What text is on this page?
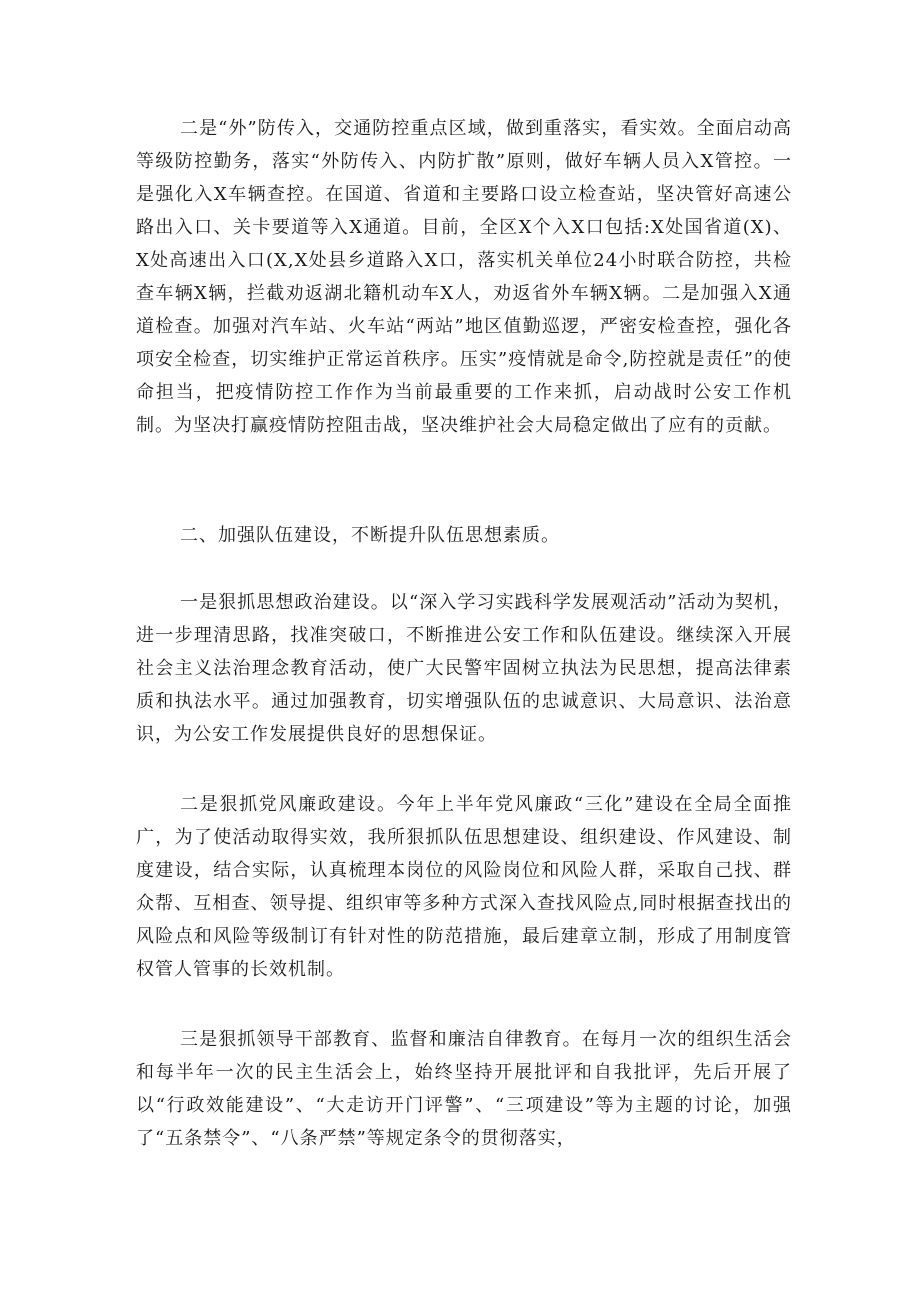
二是“外”防传入，交通防控重点区域，做到重落实，看实效。全面启动高等级防控勤务，落实“外防传入、内防扩散”原则，做好车辆人员入X管控。一是强化入X车辆查控。在国道、省道和主要路口设立检查站，坚决管好高速公路出入口、关卡要道等入X通道。目前，全区X个入X口包括:X处国省道(X)、X处高速出入口(X,X处县乡道路入X口，落实机关单位24小时联合防控，共检查车辆X辆，拦截劝返湖北籍机动车X人，劝返省外车辆X辆。二是加强入X通道检查。加强对汽车站、火车站“两站”地区值勤巡逻，严密安检查控，强化各项安全检查，切实维护正常运首秩序。压实”疫情就是命令,防控就是责任”的使命担当，把疫情防控工作作为当前最重要的工作来抓，启动战时公安工作机制。为坚决打赢疫情防控阻击战，坚决维护社会大局稳定做出了应有的贡献。

二、加强队伍建设，不断提升队伍思想素质。

一是狠抓思想政治建设。以“深入学习实践科学发展观活动”活动为契机，进一步理清思路，找准突破口，不断推进公安工作和队伍建设。继续深入开展社会主义法治理念教育活动，使广大民警牢固树立执法为民思想，提高法律素质和执法水平。通过加强教育，切实增强队伍的忠诚意识、大局意识、法治意识，为公安工作发展提供良好的思想保证。

二是狠抓党风廉政建设。今年上半年党风廉政“三化”建设在全局全面推广，为了使活动取得实效，我所狠抓队伍思想建设、组织建设、作风建设、制度建设，结合实际，认真梳理本岗位的风险岗位和风险人群，采取自己找、群众帮、互相查、领导提、组织审等多种方式深入查找风险点,同时根据查找出的风险点和风险等级制订有针对性的防范措施，最后建章立制，形成了用制度管权管人管事的长效机制。

三是狠抓领导干部教育、监督和廉洁自律教育。在每月一次的组织生活会和每半年一次的民主生活会上，始终坚持开展批评和自我批评，先后开展了以“行政效能建设”、“大走访开门评警”、“三项建设”等为主题的讨论，加强了“五条禁令”、“八条严禁”等规定条令的贯彻落实，
